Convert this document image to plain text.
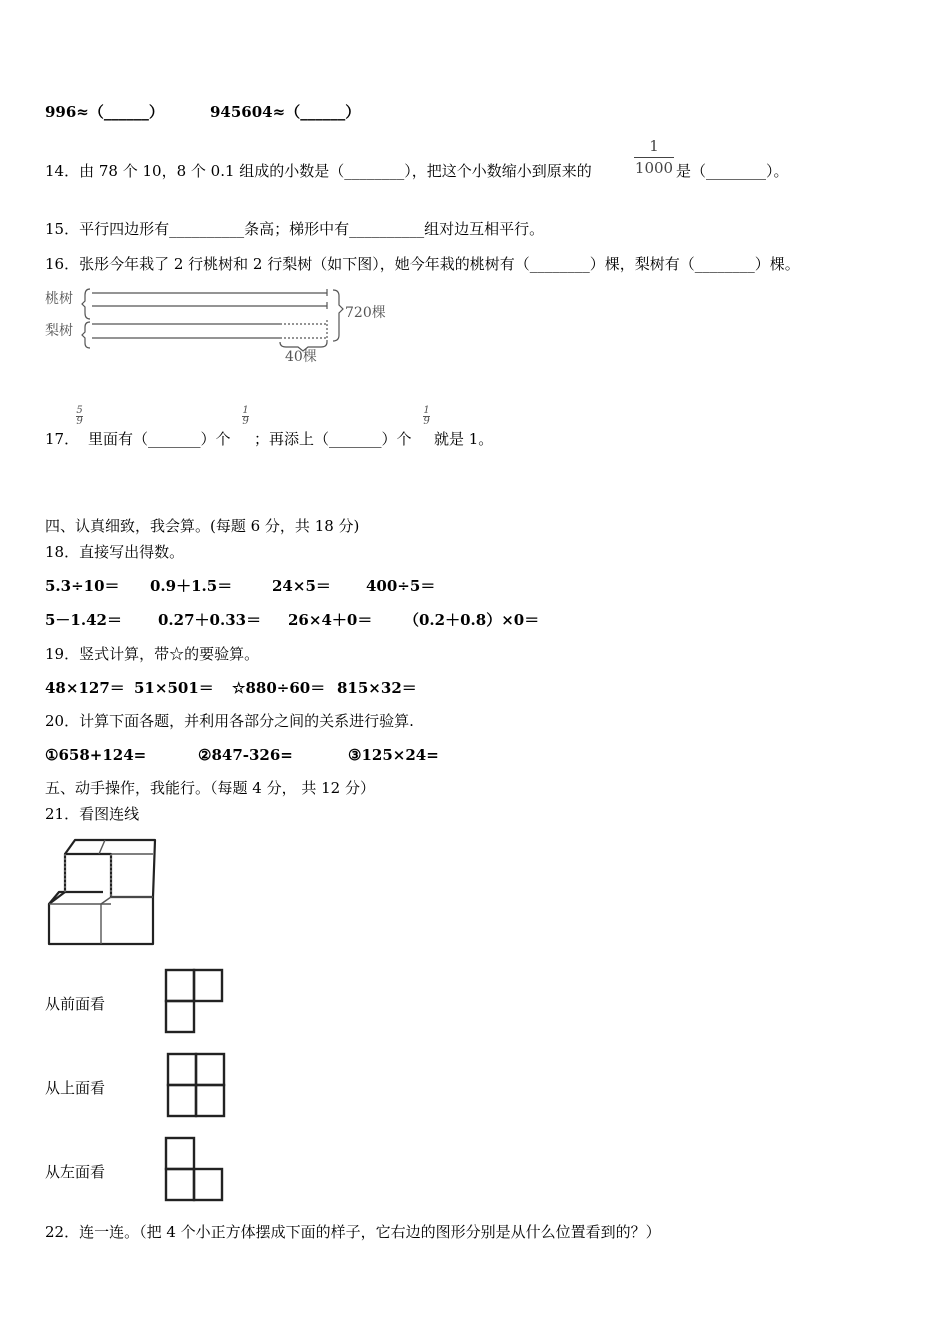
996≈（______）	945604≈（______）
14．由 78 个 10，8 个 0.1 组成的小数是（________），把这个小数缩小到原来的
1
1000 是（________）。
15．平行四边形有__________条高；梯形中有__________组对边互相平行。
16．张彤今年栽了 2 行桃树和 2 行梨树（如下图），她今年栽的桃树有（________）棵，梨树有（________）棵。
桃树
梨树
720棵
40棵
17．
5
9
里面有（_______）个
1
9
；再添上（_______）个
1
9
就是 1。
四、认真细致，我会算。(每题 6 分，共 18 分)
18．直接写出得数。
5.3÷10＝ 0.9＋1.5＝	24×5＝ 400÷5＝
5－1.42＝ 0.27＋0.33＝ 26×4＋0＝ （0.2＋0.8）×0＝
19．竖式计算，带☆的要验算。
48×127＝ 51×501＝ ☆880÷60＝ 815×32＝
20．计算下面各题，并利用各部分之间的关系进行验算.
①658+124=	②847-326=	③125×24=
五、动手操作，我能行。（每题 4 分， 共 12 分）
21．看图连线
从前面看
从上面看
从左面看
22．连一连。（把 4 个小正方体摆成下面的样子，它右边的图形分别是从什么位置看到的？）
